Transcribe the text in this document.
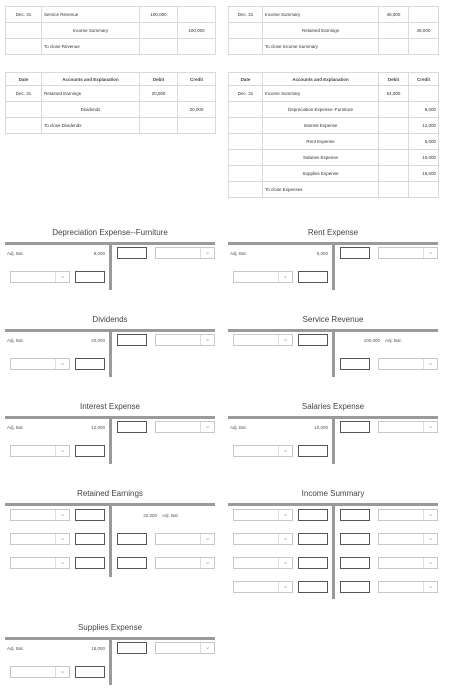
Dec. 31	Service Revenue	100,000	
	Income Summary		100,000
	To close Revenue		
Dec. 31	Income Summary	46,000	
	Retained Earnings		46,000
	To close Income Summary		
Date	Accounts and Explanation	Debit	Credit
Dec. 31	Retained Earnings	20,000	
	Dividends		20,000
	To close Dividends		
Date	Accounts and Explanation	Debit	Credit
Dec. 31	Income Summary	54,000	
	Depreciation Expense--Furniture		9,000
	Interest Expense		12,000
	Rent Expense		5,000
	Salaries Expense		10,000
	Supplies Expense		18,000
	To close Expenses		
Depreciation Expense--Furniture
Adj. Bal.	9,000	⌄
⌄
Rent Expense
Adj. Bal.	5,000	⌄
⌄
Dividends
Adj. Bal.	20,000	⌄
⌄
Service Revenue
⌄	100,000 Adj. Bal.
⌄
Interest Expense
Adj. Bal.	12,000	⌄
⌄
Salaries Expense
Adj. Bal.	10,000	⌄
⌄
Retained Earnings
⌄	32,000 Adj. Bal.
⌄	⌄
⌄	⌄
Income Summary
⌄	⌄
⌄	⌄
⌄	⌄
⌄	⌄
Supplies Expense
Adj. Bal.	18,000	⌄
⌄
